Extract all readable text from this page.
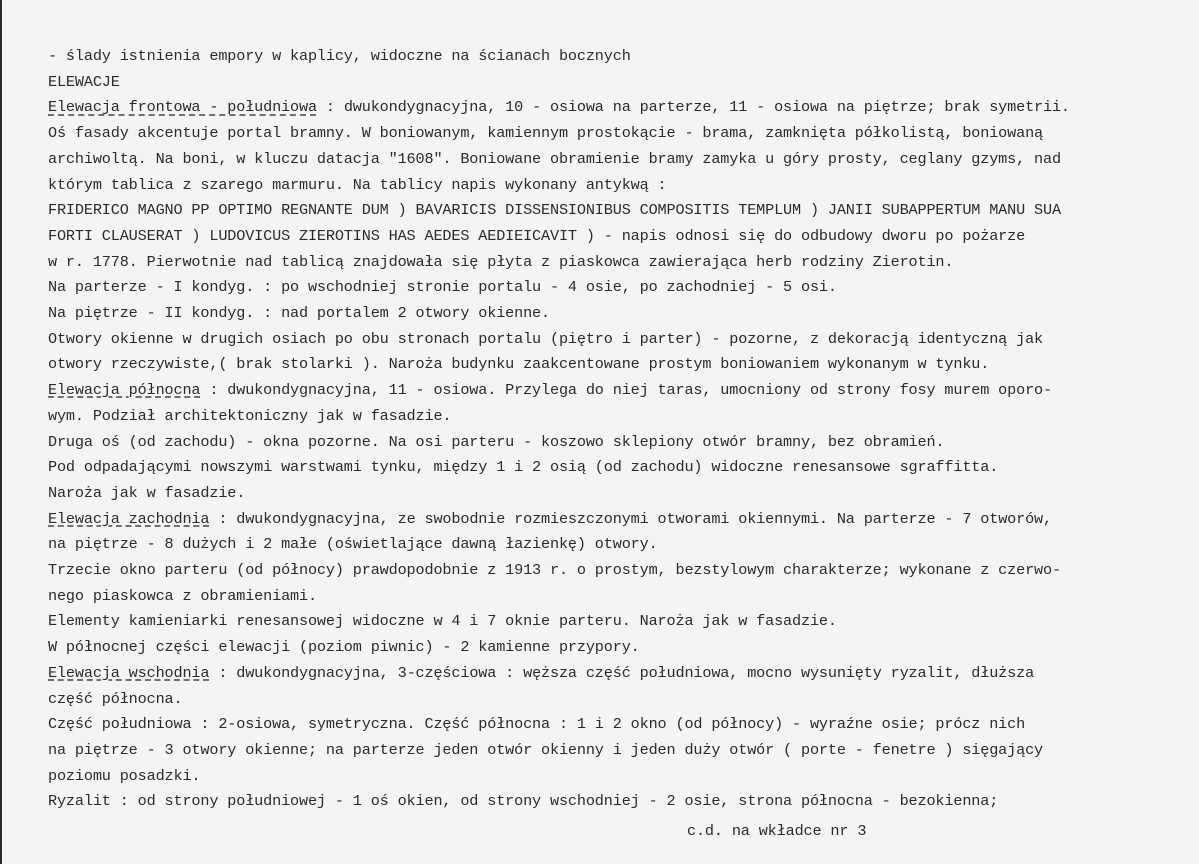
- ślady istnienia empory w kaplicy, widoczne na ścianach bocznych
ELEWACJE
Elewacja frontowa - południowa : dwukondygnacyjna, 10 - osiowa na parterze, 11 - osiowa na piętrze; brak symetrii.
Oś fasady akcentuje portal bramny. W boniowanym, kamiennym prostokącie - brama, zamknięta półkolistą, boniowaną
archiwoltą. Na boni, w kluczu datacja "1608". Boniowane obramienie bramy zamyka u góry prosty, ceglany gzyms, nad
którym tablica z szarego marmuru. Na tablicy napis wykonany antykwą :
FRIDERICO MAGNO PP OPTIMO REGNANTE DUM ) BAVARICIS DISSENSIONIBUS COMPOSITIS TEMPLUM ) JANII SUBAPPERTUM MANU SUA
FORTI CLAUSERAT ) LUDOVICUS ZIEROTINS HAS AEDES AEDIEICAVIT ) - napis odnosi się do odbudowy dworu po pożarze
w r. 1778. Pierwotnie nad tablicą znajdowała się płyta z piaskowca zawierająca herb rodziny Zierotin.
Na parterze - I kondyg. : po wschodniej stronie portalu - 4 osie, po zachodniej - 5 osi.
Na piętrze - II kondyg. : nad portalem 2 otwory okienne.
Otwory okienne w drugich osiach po obu stronach portalu (piętro i parter) - pozorne, z dekoracją identyczną jak
otwory rzeczywiste,( brak stolarki ). Naroża budynku zaakcentowane prostym boniowaniem wykonanym w tynku.
Elewacja północna : dwukondygnacyjna, 11 - osiowa. Przylega do niej taras, umocniony od strony fosy murem oporo-
wym. Podział architektoniczny jak w fasadzie.
Druga oś (od zachodu) - okna pozorne. Na osi parteru - koszowo sklepiony otwór bramny, bez obramień.
Pod odpadającymi nowszymi warstwami tynku, między 1 i 2 osią (od zachodu) widoczne renesansowe sgraffitta.
Naroża jak w fasadzie.
Elewacja zachodnia : dwukondygnacyjna, ze swobodnie rozmieszczonymi otworami okiennymi. Na parterze - 7 otworów,
na piętrze - 8 dużych i 2 małe (oświetlające dawną łazienkę) otwory.
Trzecie okno parteru (od północy) prawdopodobnie z 1913 r. o prostym, bezstylowym charakterze; wykonane z czerwo-
nego piaskowca z obramieniami.
Elementy kamieniarki renesansowej widoczne w 4 i 7 oknie parteru. Naroża jak w fasadzie.
W północnej części elewacji (poziom piwnic) - 2 kamienne przypory.
Elewacja wschodnia : dwukondygnacyjna, 3-częściowa : węższa część południowa, mocno wysunięty ryzalit, dłuższa
część północna.
Część południowa : 2-osiowa, symetryczna. Część północna : 1 i 2 okno (od północy) - wyraźne osie; prócz nich
na piętrze - 3 otwory okienne; na parterze jeden otwór okienny i jeden duży otwór ( porte - fenetre ) sięgający
poziomu posadzki.
Ryzalit : od strony południowej - 1 oś okien, od strony wschodniej - 2 osie, strona północna - bezokienna;
c.d. na wkładce nr 3
